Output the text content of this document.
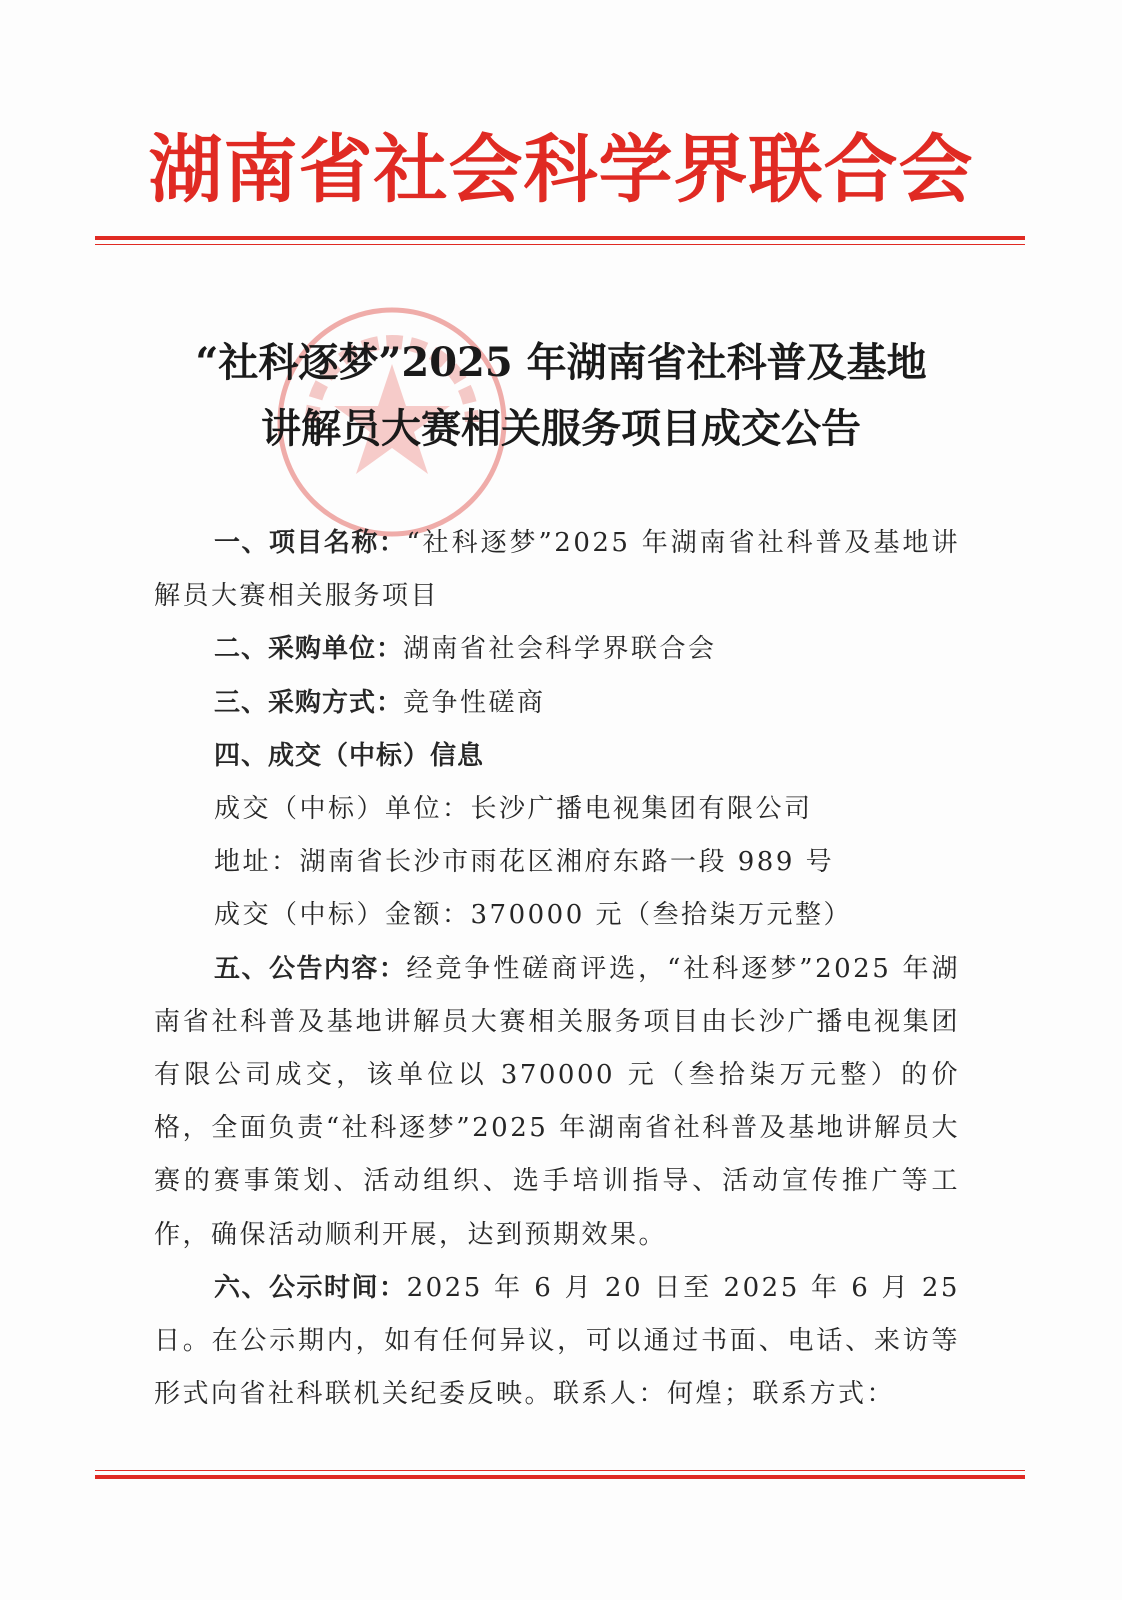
湖南省社会科学界联合会
“社科逐梦”2025 年湖南省社科普及基地
讲解员大赛相关服务项目成交公告

一、项目名称：“社科逐梦”2025 年湖南省社科普及基地讲解员大赛相关服务项目

二、采购单位：湖南省社会科学界联合会

三、采购方式：竞争性磋商

四、成交（中标）信息

成交（中标）单位：长沙广播电视集团有限公司

地址：湖南省长沙市雨花区湘府东路一段 989 号

成交（中标）金额：370000 元（叁拾柒万元整）

五、公告内容：经竞争性磋商评选，“社科逐梦”2025 年湖南省社科普及基地讲解员大赛相关服务项目由长沙广播电视集团有限公司成交，该单位以 370000 元（叁拾柒万元整）的价格，全面负责“社科逐梦”2025 年湖南省社科普及基地讲解员大赛的赛事策划、活动组织、选手培训指导、活动宣传推广等工作，确保活动顺利开展，达到预期效果。

六、公示时间：2025 年 6 月 20 日至 2025 年 6 月 25 日。在公示期内，如有任何异议，可以通过书面、电话、来访等形式向省社科联机关纪委反映。联系人：何煌；联系方式：
